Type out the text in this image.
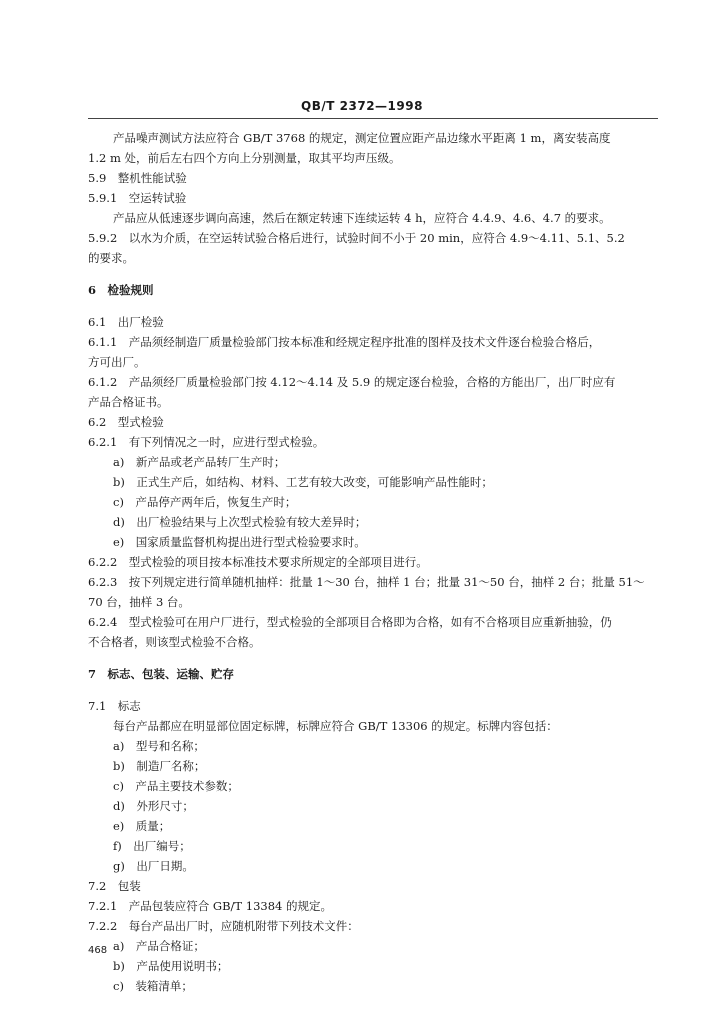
QB/T 2372—1998

产品噪声测试方法应符合 GB/T 3768 的规定，测定位置应距产品边缘水平距离 1 m，离安装高度

1.2 m 处，前后左右四个方向上分别测量，取其平均声压级。

5.9　整机性能试验

5.9.1　空运转试验

产品应从低速逐步调向高速，然后在额定转速下连续运转 4 h，应符合 4.4.9、4.6、4.7 的要求。

5.9.2　以水为介质，在空运转试验合格后进行，试验时间不小于 20 min，应符合 4.9～4.11、5.1、5.2

的要求。

6　检验规则

6.1　出厂检验

6.1.1　产品须经制造厂质量检验部门按本标准和经规定程序批准的图样及技术文件逐台检验合格后，

方可出厂。

6.1.2　产品须经厂质量检验部门按 4.12～4.14 及 5.9 的规定逐台检验，合格的方能出厂，出厂时应有

产品合格证书。

6.2　型式检验

6.2.1　有下列情况之一时，应进行型式检验。

a)　新产品或老产品转厂生产时；

b)　正式生产后，如结构、材料、工艺有较大改变，可能影响产品性能时；

c)　产品停产两年后，恢复生产时；

d)　出厂检验结果与上次型式检验有较大差异时；

e)　国家质量监督机构提出进行型式检验要求时。

6.2.2　型式检验的项目按本标准技术要求所规定的全部项目进行。

6.2.3　按下列规定进行简单随机抽样：批量 1～30 台，抽样 1 台；批量 31～50 台，抽样 2 台；批量 51～

70 台，抽样 3 台。

6.2.4　型式检验可在用户厂进行，型式检验的全部项目合格即为合格，如有不合格项目应重新抽验，仍

不合格者，则该型式检验不合格。

7　标志、包装、运输、贮存

7.1　标志

每台产品都应在明显部位固定标牌，标牌应符合 GB/T 13306 的规定。标牌内容包括：

a)　型号和名称；

b)　制造厂名称；

c)　产品主要技术参数；

d)　外形尺寸；

e)　质量；

f)　出厂编号；

g)　出厂日期。

7.2　包装

7.2.1　产品包装应符合 GB/T 13384 的规定。

7.2.2　每台产品出厂时，应随机附带下列技术文件：

a)　产品合格证；

b)　产品使用说明书；

c)　装箱清单；

468
